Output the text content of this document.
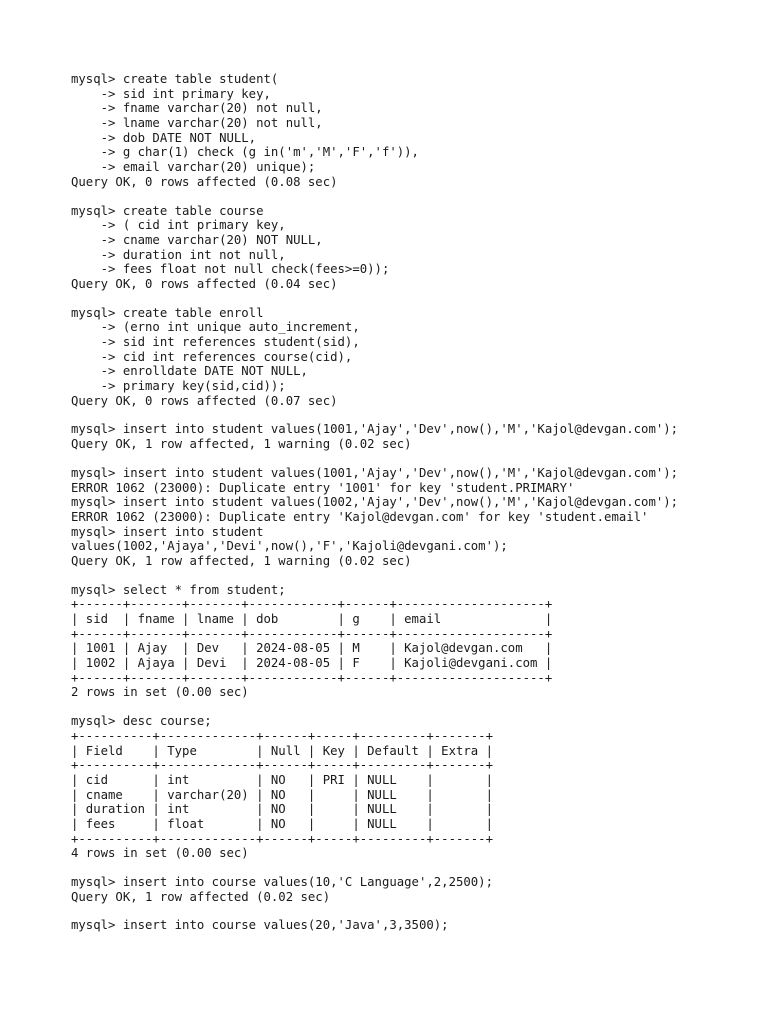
mysql> create table student(
-> sid int primary key,
-> fname varchar(20) not null,
-> lname varchar(20) not null,
-> dob DATE NOT NULL,
-> g char(1) check (g in('m','M','F','f')),
-> email varchar(20) unique);
Query OK, 0 rows affected (0.08 sec)
mysql> create table course
-> ( cid int primary key,
-> cname varchar(20) NOT NULL,
-> duration int not null,
-> fees float not null check(fees>=0));
Query OK, 0 rows affected (0.04 sec)
mysql> create table enroll
-> (erno int unique auto_increment,
-> sid int references student(sid),
-> cid int references course(cid),
-> enrolldate DATE NOT NULL,
-> primary key(sid,cid));
Query OK, 0 rows affected (0.07 sec)
mysql> insert into student values(1001,'Ajay','Dev',now(),'M','Kajol@devgan.com');
Query OK, 1 row affected, 1 warning (0.02 sec)
mysql> insert into student values(1001,'Ajay','Dev',now(),'M','Kajol@devgan.com');
ERROR 1062 (23000): Duplicate entry '1001' for key 'student.PRIMARY'
mysql> insert into student values(1002,'Ajay','Dev',now(),'M','Kajol@devgan.com');
ERROR 1062 (23000): Duplicate entry 'Kajol@devgan.com' for key 'student.email'
mysql> insert into student
values(1002,'Ajaya','Devi',now(),'F','Kajoli@devgani.com');
Query OK, 1 row affected, 1 warning (0.02 sec)
mysql> select * from student;
+------+-------+-------+------------+------+--------------------+
| sid  | fname | lname | dob        | g    | email              |
+------+-------+-------+------------+------+--------------------+
| 1001 | Ajay  | Dev   | 2024-08-05 | M    | Kajol@devgan.com   |
| 1002 | Ajaya | Devi  | 2024-08-05 | F    | Kajoli@devgani.com |
+------+-------+-------+------------+------+--------------------+
2 rows in set (0.00 sec)
mysql> desc course;
+----------+-------------+------+-----+---------+-------+
| Field    | Type        | Null | Key | Default | Extra |
+----------+-------------+------+-----+---------+-------+
| cid      | int         | NO   | PRI | NULL    |       |
| cname    | varchar(20) | NO   |     | NULL    |       |
| duration | int         | NO   |     | NULL    |       |
| fees     | float       | NO   |     | NULL    |       |
+----------+-------------+------+-----+---------+-------+
4 rows in set (0.00 sec)
mysql> insert into course values(10,'C Language',2,2500);
Query OK, 1 row affected (0.02 sec)
mysql> insert into course values(20,'Java',3,3500);
